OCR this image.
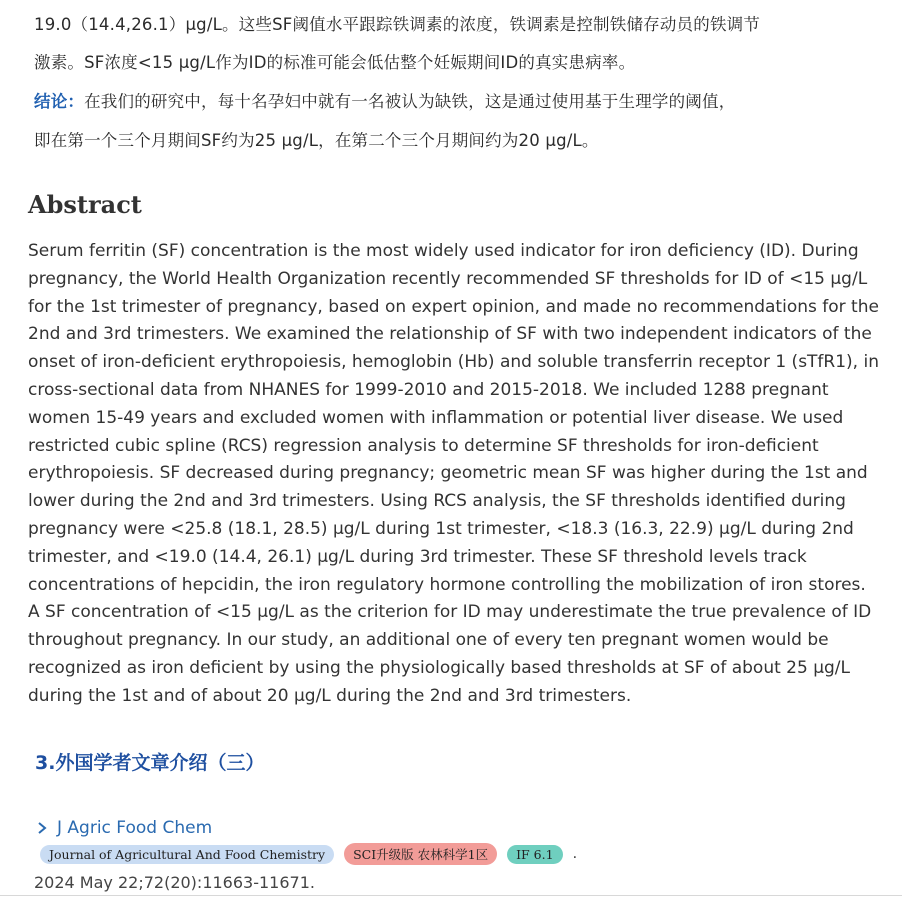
19.0（14.4,26.1）μg/L。这些SF阈值水平跟踪铁调素的浓度，铁调素是控制铁储存动员的铁调节
激素。SF浓度<15 μg/L作为ID的标准可能会低估整个妊娠期间ID的真实患病率。
结论：在我们的研究中，每十名孕妇中就有一名被认为缺铁，这是通过使用基于生理学的阈值，
即在第一个三个月期间SF约为25 μg/L，在第二个三个月期间约为20 μg/L。
Abstract
Serum ferritin (SF) concentration is the most widely used indicator for iron deficiency (ID). During pregnancy, the World Health Organization recently recommended SF thresholds for ID of <15 μg/L for the 1st trimester of pregnancy, based on expert opinion, and made no recommendations for the 2nd and 3rd trimesters. We examined the relationship of SF with two independent indicators of the onset of iron-deficient erythropoiesis, hemoglobin (Hb) and soluble transferrin receptor 1 (sTfR1), in cross-sectional data from NHANES for 1999-2010 and 2015-2018. We included 1288 pregnant women 15-49 years and excluded women with inflammation or potential liver disease. We used restricted cubic spline (RCS) regression analysis to determine SF thresholds for iron-deficient erythropoiesis. SF decreased during pregnancy; geometric mean SF was higher during the 1st and lower during the 2nd and 3rd trimesters. Using RCS analysis, the SF thresholds identified during pregnancy were <25.8 (18.1, 28.5) μg/L during 1st trimester, <18.3 (16.3, 22.9) μg/L during 2nd trimester, and <19.0 (14.4, 26.1) μg/L during 3rd trimester. These SF threshold levels track concentrations of hepcidin, the iron regulatory hormone controlling the mobilization of iron stores. A SF concentration of <15 μg/L as the criterion for ID may underestimate the true prevalence of ID throughout pregnancy. In our study, an additional one of every ten pregnant women would be recognized as iron deficient by using the physiologically based thresholds at SF of about 25 μg/L during the 1st and of about 20 μg/L during the 2nd and 3rd trimesters.
3.外国学者文章介绍（三）
J Agric Food Chem
Journal of Agricultural And Food Chemistry	SCI升级版 农林科学1区	IF 6.1	.
2024 May 22;72(20):11663-11671.
